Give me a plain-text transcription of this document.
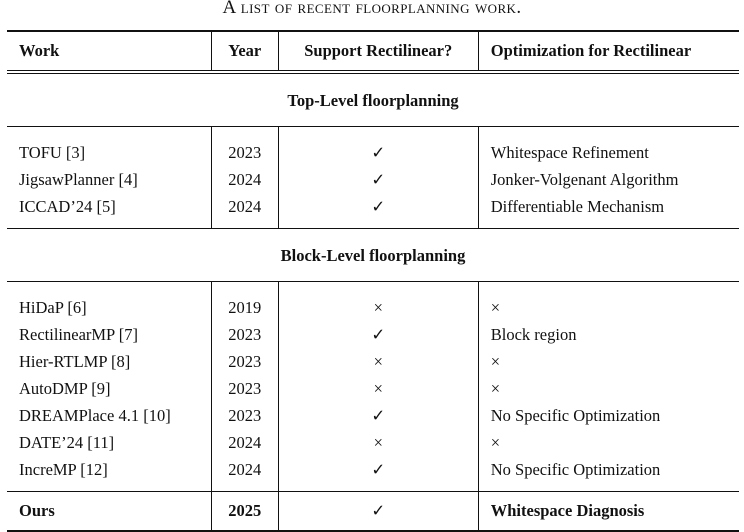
A list of recent floorplanning work.
Work	Year	Support Rectilinear?	Optimization for Rectilinear
Top-Level floorplanning			
TOFU [3]	2023	✓	Whitespace Refinement
JigsawPlanner [4]	2024	✓	Jonker-Volgenant Algorithm
ICCAD’24 [5]	2024	✓	Differentiable Mechanism
Block-Level floorplanning			
HiDaP [6]	2019	×	×
RectilinearMP [7]	2023	✓	Block region
Hier-RTLMP [8]	2023	×	×
AutoDMP [9]	2023	×	×
DREAMPlace 4.1 [10]	2023	✓	No Specific Optimization
DATE’24 [11]	2024	×	×
IncreMP [12]	2024	✓	No Specific Optimization
Ours	2025	✓	Whitespace Diagnosis
